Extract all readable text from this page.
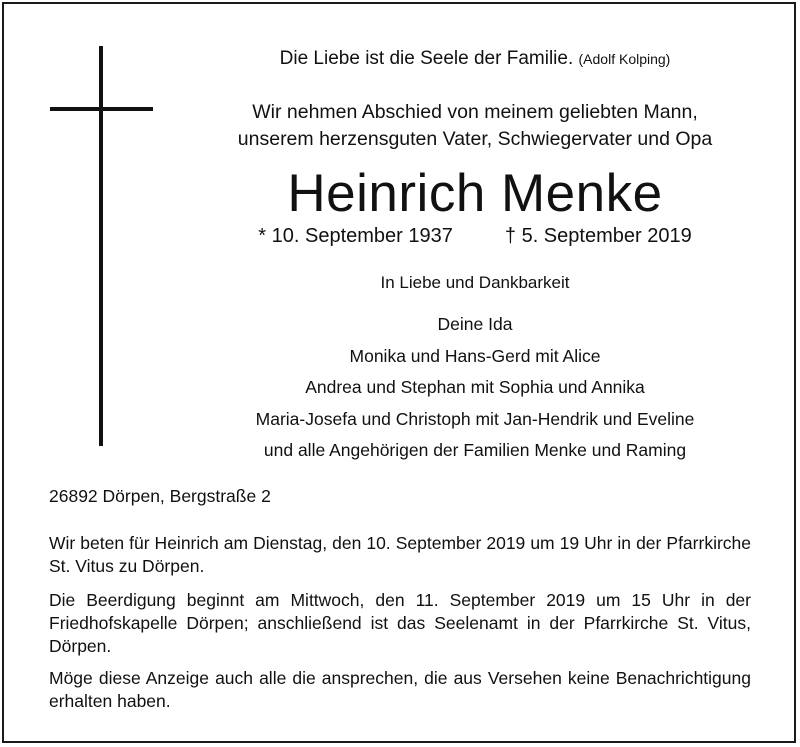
Die Liebe ist die Seele der Familie. (Adolf Kolping)
Wir nehmen Abschied von meinem geliebten Mann,
unserem herzensguten Vater, Schwiegervater und Opa
Heinrich Menke
* 10. September 1937	† 5. September 2019
In Liebe und Dankbarkeit
Deine Ida
Monika und Hans-Gerd mit Alice
Andrea und Stephan mit Sophia und Annika
Maria-Josefa und Christoph mit Jan-Hendrik und Eveline
und alle Angehörigen der Familien Menke und Raming
26892 Dörpen, Bergstraße 2
Wir beten für Heinrich am Dienstag, den 10. September 2019 um 19 Uhr in der Pfarrkirche St. Vitus zu Dörpen.
Die Beerdigung beginnt am Mittwoch, den 11. September 2019 um 15 Uhr in der Friedhofskapelle Dörpen; anschließend ist das Seelenamt in der Pfarrkirche St. Vitus, Dörpen.
Möge diese Anzeige auch alle die ansprechen, die aus Versehen keine Benachrichtigung erhalten haben.
